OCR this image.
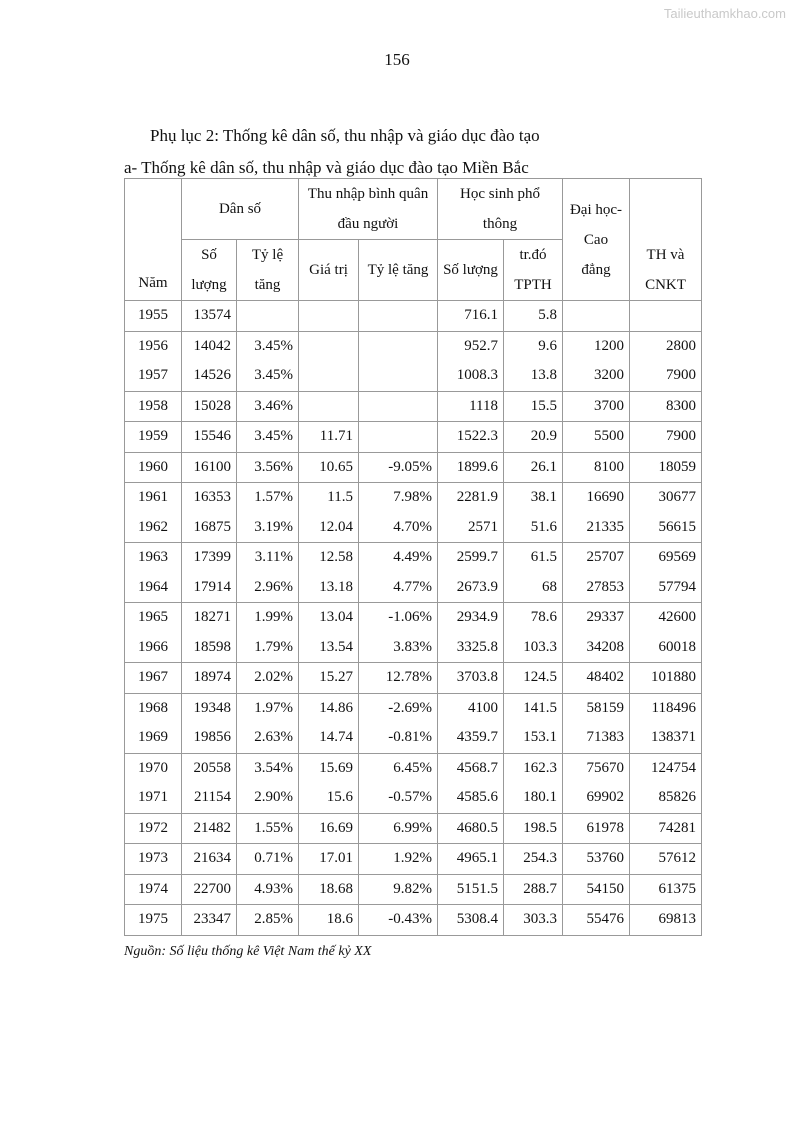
Tailieuthamkhao.com
156
Phụ lục 2: Thống kê dân số, thu nhập và giáo dục đào tạo
a- Thống kê dân số, thu nhập và giáo dục đào tạo Miền Bắc
Năm	Dân số		Thu nhập bình quân đầu người		Học sinh phổ thông		Đại học-Cao đẳng	TH và CNKT
	Số lượng	Tỷ lệ tăng	Giá trị	Tỷ lệ tăng	Số lượng	tr.đó TPTH		
1955	13574				716.1	5.8		
1956	14042	3.45%			952.7	9.6	1200	2800
1957	14526	3.45%			1008.3	13.8	3200	7900
1958	15028	3.46%			1118	15.5	3700	8300
1959	15546	3.45%	11.71		1522.3	20.9	5500	7900
1960	16100	3.56%	10.65	-9.05%	1899.6	26.1	8100	18059
1961	16353	1.57%	11.5	7.98%	2281.9	38.1	16690	30677
1962	16875	3.19%	12.04	4.70%	2571	51.6	21335	56615
1963	17399	3.11%	12.58	4.49%	2599.7	61.5	25707	69569
1964	17914	2.96%	13.18	4.77%	2673.9	68	27853	57794
1965	18271	1.99%	13.04	-1.06%	2934.9	78.6	29337	42600
1966	18598	1.79%	13.54	3.83%	3325.8	103.3	34208	60018
1967	18974	2.02%	15.27	12.78%	3703.8	124.5	48402	101880
1968	19348	1.97%	14.86	-2.69%	4100	141.5	58159	118496
1969	19856	2.63%	14.74	-0.81%	4359.7	153.1	71383	138371
1970	20558	3.54%	15.69	6.45%	4568.7	162.3	75670	124754
1971	21154	2.90%	15.6	-0.57%	4585.6	180.1	69902	85826
1972	21482	1.55%	16.69	6.99%	4680.5	198.5	61978	74281
1973	21634	0.71%	17.01	1.92%	4965.1	254.3	53760	57612
1974	22700	4.93%	18.68	9.82%	5151.5	288.7	54150	61375
1975	23347	2.85%	18.6	-0.43%	5308.4	303.3	55476	69813
Nguồn: Số liệu thống kê Việt Nam thế kỷ XX
